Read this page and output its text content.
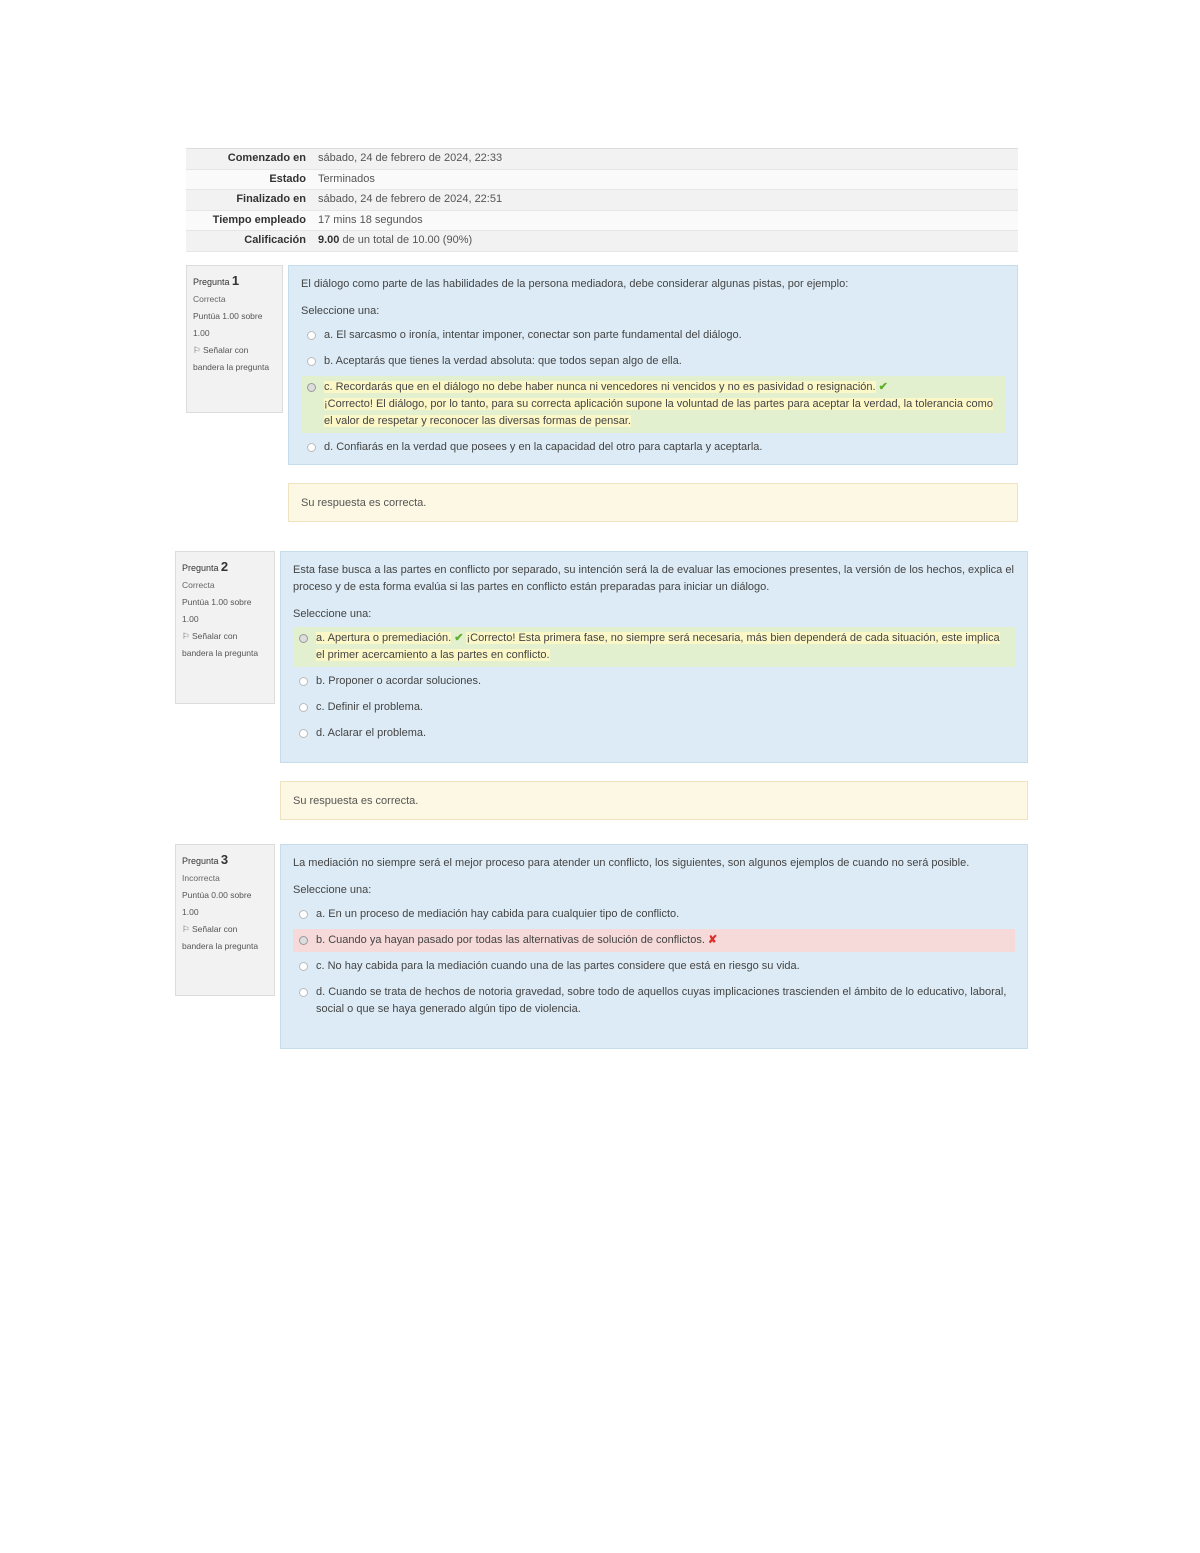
Comenzado en	sábado, 24 de febrero de 2024, 22:33
Estado	Terminados
Finalizado en	sábado, 24 de febrero de 2024, 22:51
Tiempo empleado	17 mins 18 segundos
Calificación	9.00 de un total de 10.00 (90%)
Pregunta 1
Correcta
Puntúa 1.00 sobre 1.00
⚐ Señalar con bandera la pregunta
El diálogo como parte de las habilidades de la persona mediadora, debe considerar algunas pistas, por ejemplo:
Seleccione una:
a. El sarcasmo o ironía, intentar imponer, conectar son parte fundamental del diálogo.
b. Aceptarás que tienes la verdad absoluta: que todos sepan algo de ella.
c. Recordarás que en el diálogo no debe haber nunca ni vencedores ni vencidos y no es pasividad o resignación. ✔
¡Correcto! El diálogo, por lo tanto, para su correcta aplicación supone la voluntad de las partes para aceptar la verdad, la tolerancia como el valor de respetar y reconocer las diversas formas de pensar.
d. Confiarás en la verdad que posees y en la capacidad del otro para captarla y aceptarla.
Su respuesta es correcta.
Pregunta 2
Correcta
Puntúa 1.00 sobre 1.00
⚐ Señalar con bandera la pregunta
Esta fase busca a las partes en conflicto por separado, su intención será la de evaluar las emociones presentes, la versión de los hechos, explica el proceso y de esta forma evalúa si las partes en conflicto están preparadas para iniciar un diálogo.
Seleccione una:
a. Apertura o premediación. ✔ ¡Correcto! Esta primera fase, no siempre será necesaria, más bien dependerá de cada situación, este implica el primer acercamiento a las partes en conflicto.
b. Proponer o acordar soluciones.
c. Definir el problema.
d. Aclarar el problema.
Su respuesta es correcta.
Pregunta 3
Incorrecta
Puntúa 0.00 sobre 1.00
⚐ Señalar con bandera la pregunta
La mediación no siempre será el mejor proceso para atender un conflicto, los siguientes, son algunos ejemplos de cuando no será posible.
Seleccione una:
a. En un proceso de mediación hay cabida para cualquier tipo de conflicto.
b. Cuando ya hayan pasado por todas las alternativas de solución de conflictos. ✘
c. No hay cabida para la mediación cuando una de las partes considere que está en riesgo su vida.
d. Cuando se trata de hechos de notoria gravedad, sobre todo de aquellos cuyas implicaciones trascienden el ámbito de lo educativo, laboral, social o que se haya generado algún tipo de violencia.
